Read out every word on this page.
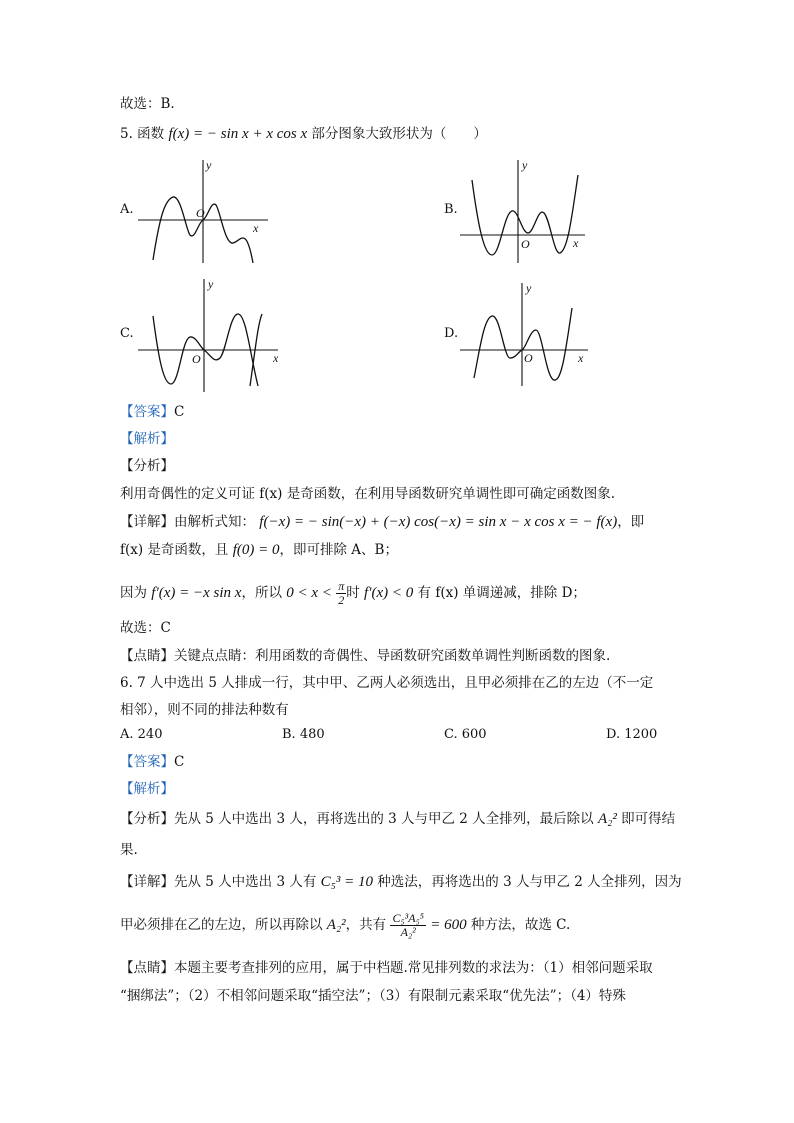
故选：B.
5. 函数 f(x) = − sin x + x cos x 部分图象大致形状为（　　）
A.
y
x
O	B.
y
x
O
C.
y
x
O
D.
y
x
O
【答案】C
【解析】
【分析】
利用奇偶性的定义可证 f(x) 是奇函数，在利用导函数研究单调性即可确定函数图象.
【详解】由解析式知： f(−x) = − sin(−x) + (−x) cos(−x) = sin x − x cos x = − f(x)，即
f(x) 是奇函数，且 f(0) = 0，即可排除 A、B；
因为 f′(x) = −x sin x，所以 $0 < x < \frac{\pi}{2}$ 时 f′(x) < 0 有 f(x) 单调递减，排除 D；
故选：C
【点睛】关键点点睛：利用函数的奇偶性、导函数研究函数单调性判断函数的图象.
6. 7 人中选出 5 人排成一行，其中甲、乙两人必须选出，且甲必须排在乙的左边（不一定
相邻），则不同的排法种数有
A. 240	B. 480	C. 600	D. 1200
【答案】C
【解析】
【分析】先从 5 人中选出 3 人，再将选出的 3 人与甲乙 2 人全排列，最后除以 A₂² 即可得结
果.
【详解】先从 5 人中选出 3 人有 C₅³ = 10 种选法，再将选出的 3 人与甲乙 2 人全排列，因为
甲必须排在乙的左边，所以再除以 A₂²，共有 $\frac{\text{C₅³A₅⁵}}{\text{A₂²}} = 600$ 种方法，故选 C.
【点睛】本题主要考查排列的应用，属于中档题.常见排列数的求法为：（1）相邻问题采取
“捆绑法”；（2）不相邻问题采取“插空法”；（3）有限制元素采取“优先法”；（4）特殊
